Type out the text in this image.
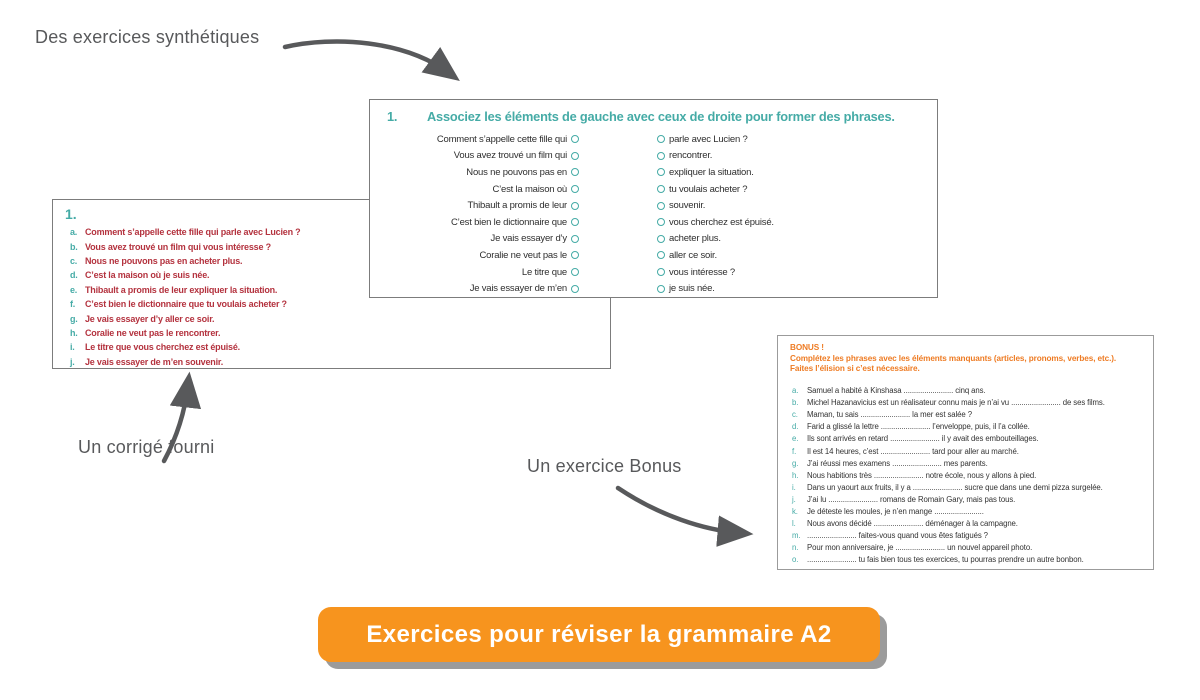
Des exercices synthétiques
Un corrigé fourni
Un exercice Bonus
1.
a. Comment s’appelle cette fille qui parle avec Lucien ?
b. Vous avez trouvé un film qui vous intéresse ?
c. Nous ne pouvons pas en acheter plus.
d. C’est la maison où je suis née.
e. Thibault a promis de leur expliquer la situation.
f.	C’est bien le dictionnaire que tu voulais acheter ?
g. Je vais essayer d’y aller ce soir.
h. Coralie ne veut pas le rencontrer.
i.	Le titre que vous cherchez est épuisé.
j.	Je vais essayer de m’en souvenir.
1.	Associez les éléments de gauche avec ceux de droite pour former des phrases.
Comment s’appelle cette fille qui	parle avec Lucien ?
Vous avez trouvé un film qui	rencontrer.
Nous ne pouvons pas en	expliquer la situation.
C’est la maison où	tu voulais acheter ?
Thibault a promis de leur	souvenir.
C’est bien le dictionnaire que	vous cherchez est épuisé.
Je vais essayer d’y	acheter plus.
Coralie ne veut pas le	aller ce soir.
Le titre que	vous intéresse ?
Je vais essayer de m’en	je suis née.
BONUS !
Complétez les phrases avec les éléments manquants (articles, pronoms, verbes, etc.).
Faites l’élision si c’est nécessaire.
a.	Samuel a habité à Kinshasa ........................ cinq ans.
b.	Michel Hazanavicius est un réalisateur connu mais je n’ai vu ........................ de ses films.
c.	Maman, tu sais ........................ la mer est salée ?
d.	Farid a glissé la lettre ........................ l’enveloppe, puis, il l’a collée.
e.	Ils sont arrivés en retard ........................ il y avait des embouteillages.
f.	Il est 14 heures, c’est ........................ tard pour aller au marché.
g.	J’ai réussi mes examens ........................ mes parents.
h.	Nous habitions très ........................ notre école, nous y allons à pied.
i.	Dans un yaourt aux fruits, il y a ........................ sucre que dans une demi pizza surgelée.
j.	J’ai lu ........................ romans de Romain Gary, mais pas tous.
k.	Je déteste les moules, je n’en mange ........................
l.	Nous avons décidé ........................ déménager à la campagne.
m. ........................ faites-vous quand vous êtes fatigués ?
n.	Pour mon anniversaire, je ........................ un nouvel appareil photo.
o.	........................ tu fais bien tous tes exercices, tu pourras prendre un autre bonbon.
Exercices pour réviser la grammaire A2
